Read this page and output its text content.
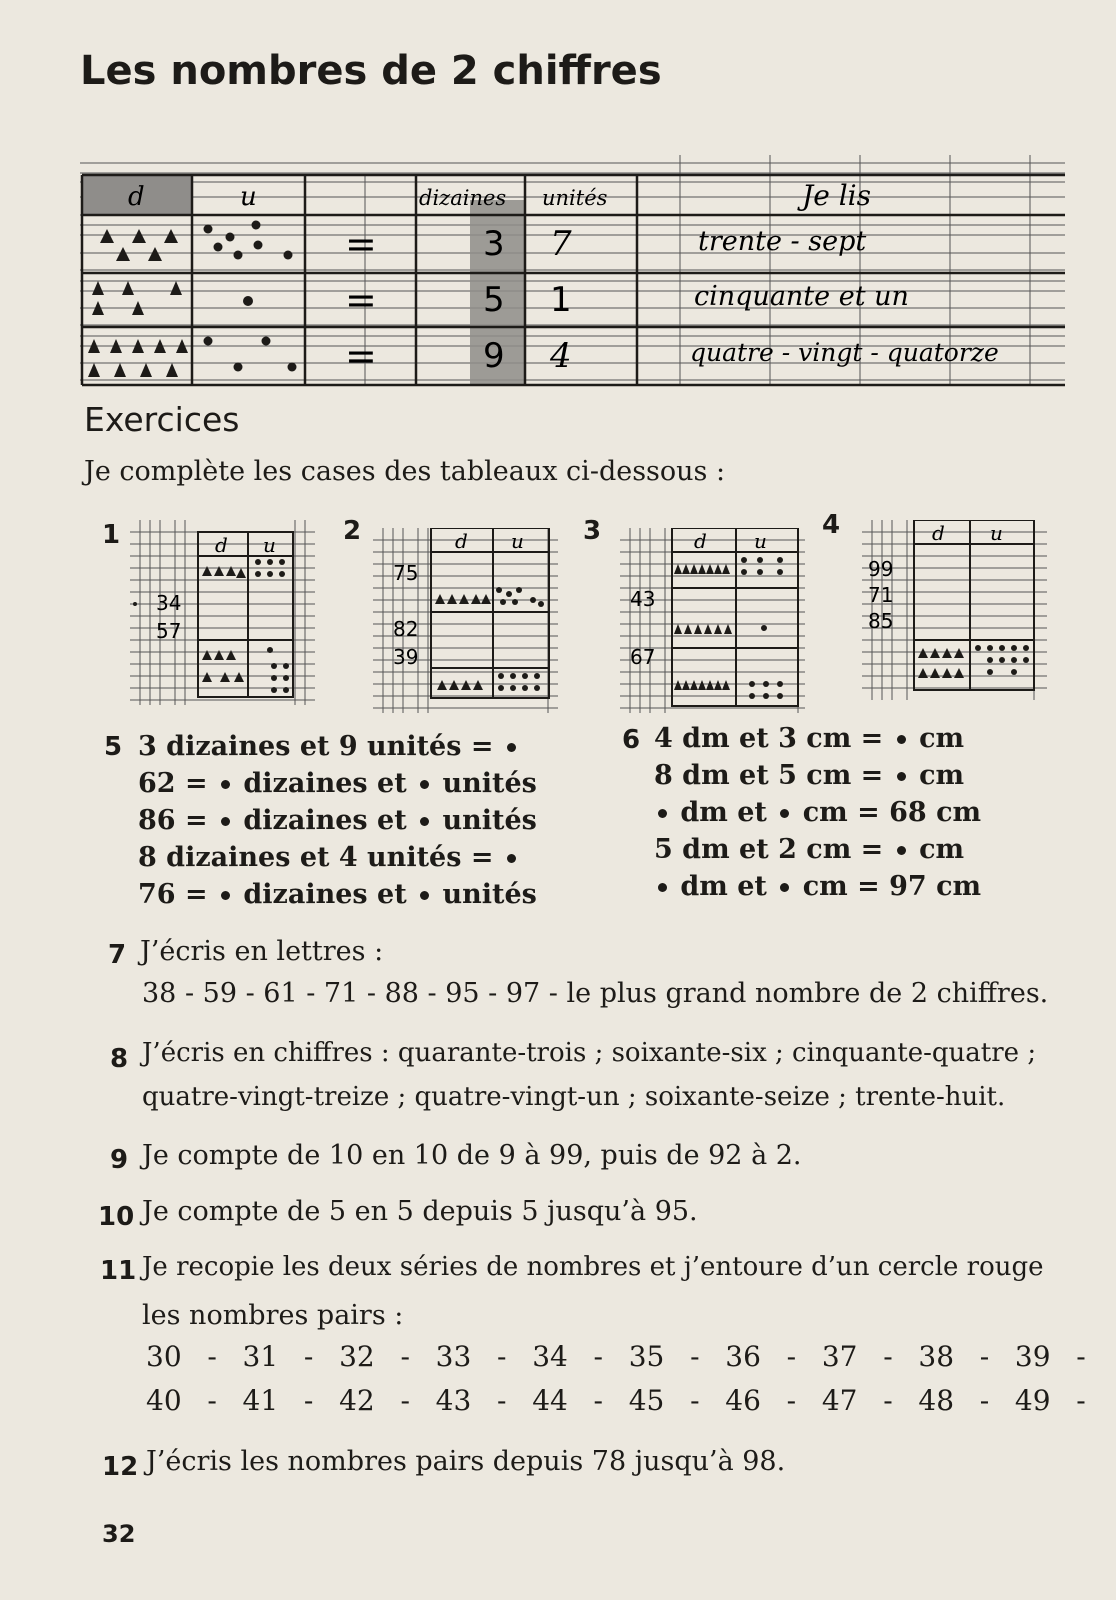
Les nombres de 2 chiffres
d	u	dizaines unités	Je lis
=	3 7	trente - sept
=	5 1	cinquante et un
=	9 4	quatre - vingt - quatorze
Exercices
Je complète les cases des tableaux ci-dessous :
1	d u
34
57
2	d u
75
82
39
3	d u
43
67
4	d u
99
71
85
5 3 dizaines et 9 unités =
62 =  dizaines et  unités
86 =  dizaines et  unités
8 dizaines et 4 unités =
76 =  dizaines et  unités
6 4 dm et 3 cm =  cm
8 dm et 5 cm =  cm
dm et  cm = 68 cm
5 dm et 2 cm =  cm
dm et  cm = 97 cm
7 J’écris en lettres :
38 - 59 - 61 - 71 - 88 - 95 - 97 - le plus grand nombre de 2 chiffres.
8 J’écris en chiffres : quarante-trois ; soixante-six ; cinquante-quatre ;
quatre-vingt-treize ; quatre-vingt-un ; soixante-seize ; trente-huit.
9 Je compte de 10 en 10 de 9 à 99, puis de 92 à 2.
10 Je compte de 5 en 5 depuis 5 jusqu’à 95.
11 Je recopie les deux séries de nombres et j’entoure d’un cercle rouge
les nombres pairs :
30 - 31 - 32 - 33 - 34 - 35 - 36 - 37 - 38 - 39 -
40 - 41 - 42 - 43 - 44 - 45 - 46 - 47 - 48 - 49 -
12 J’écris les nombres pairs depuis 78 jusqu’à 98.
32
